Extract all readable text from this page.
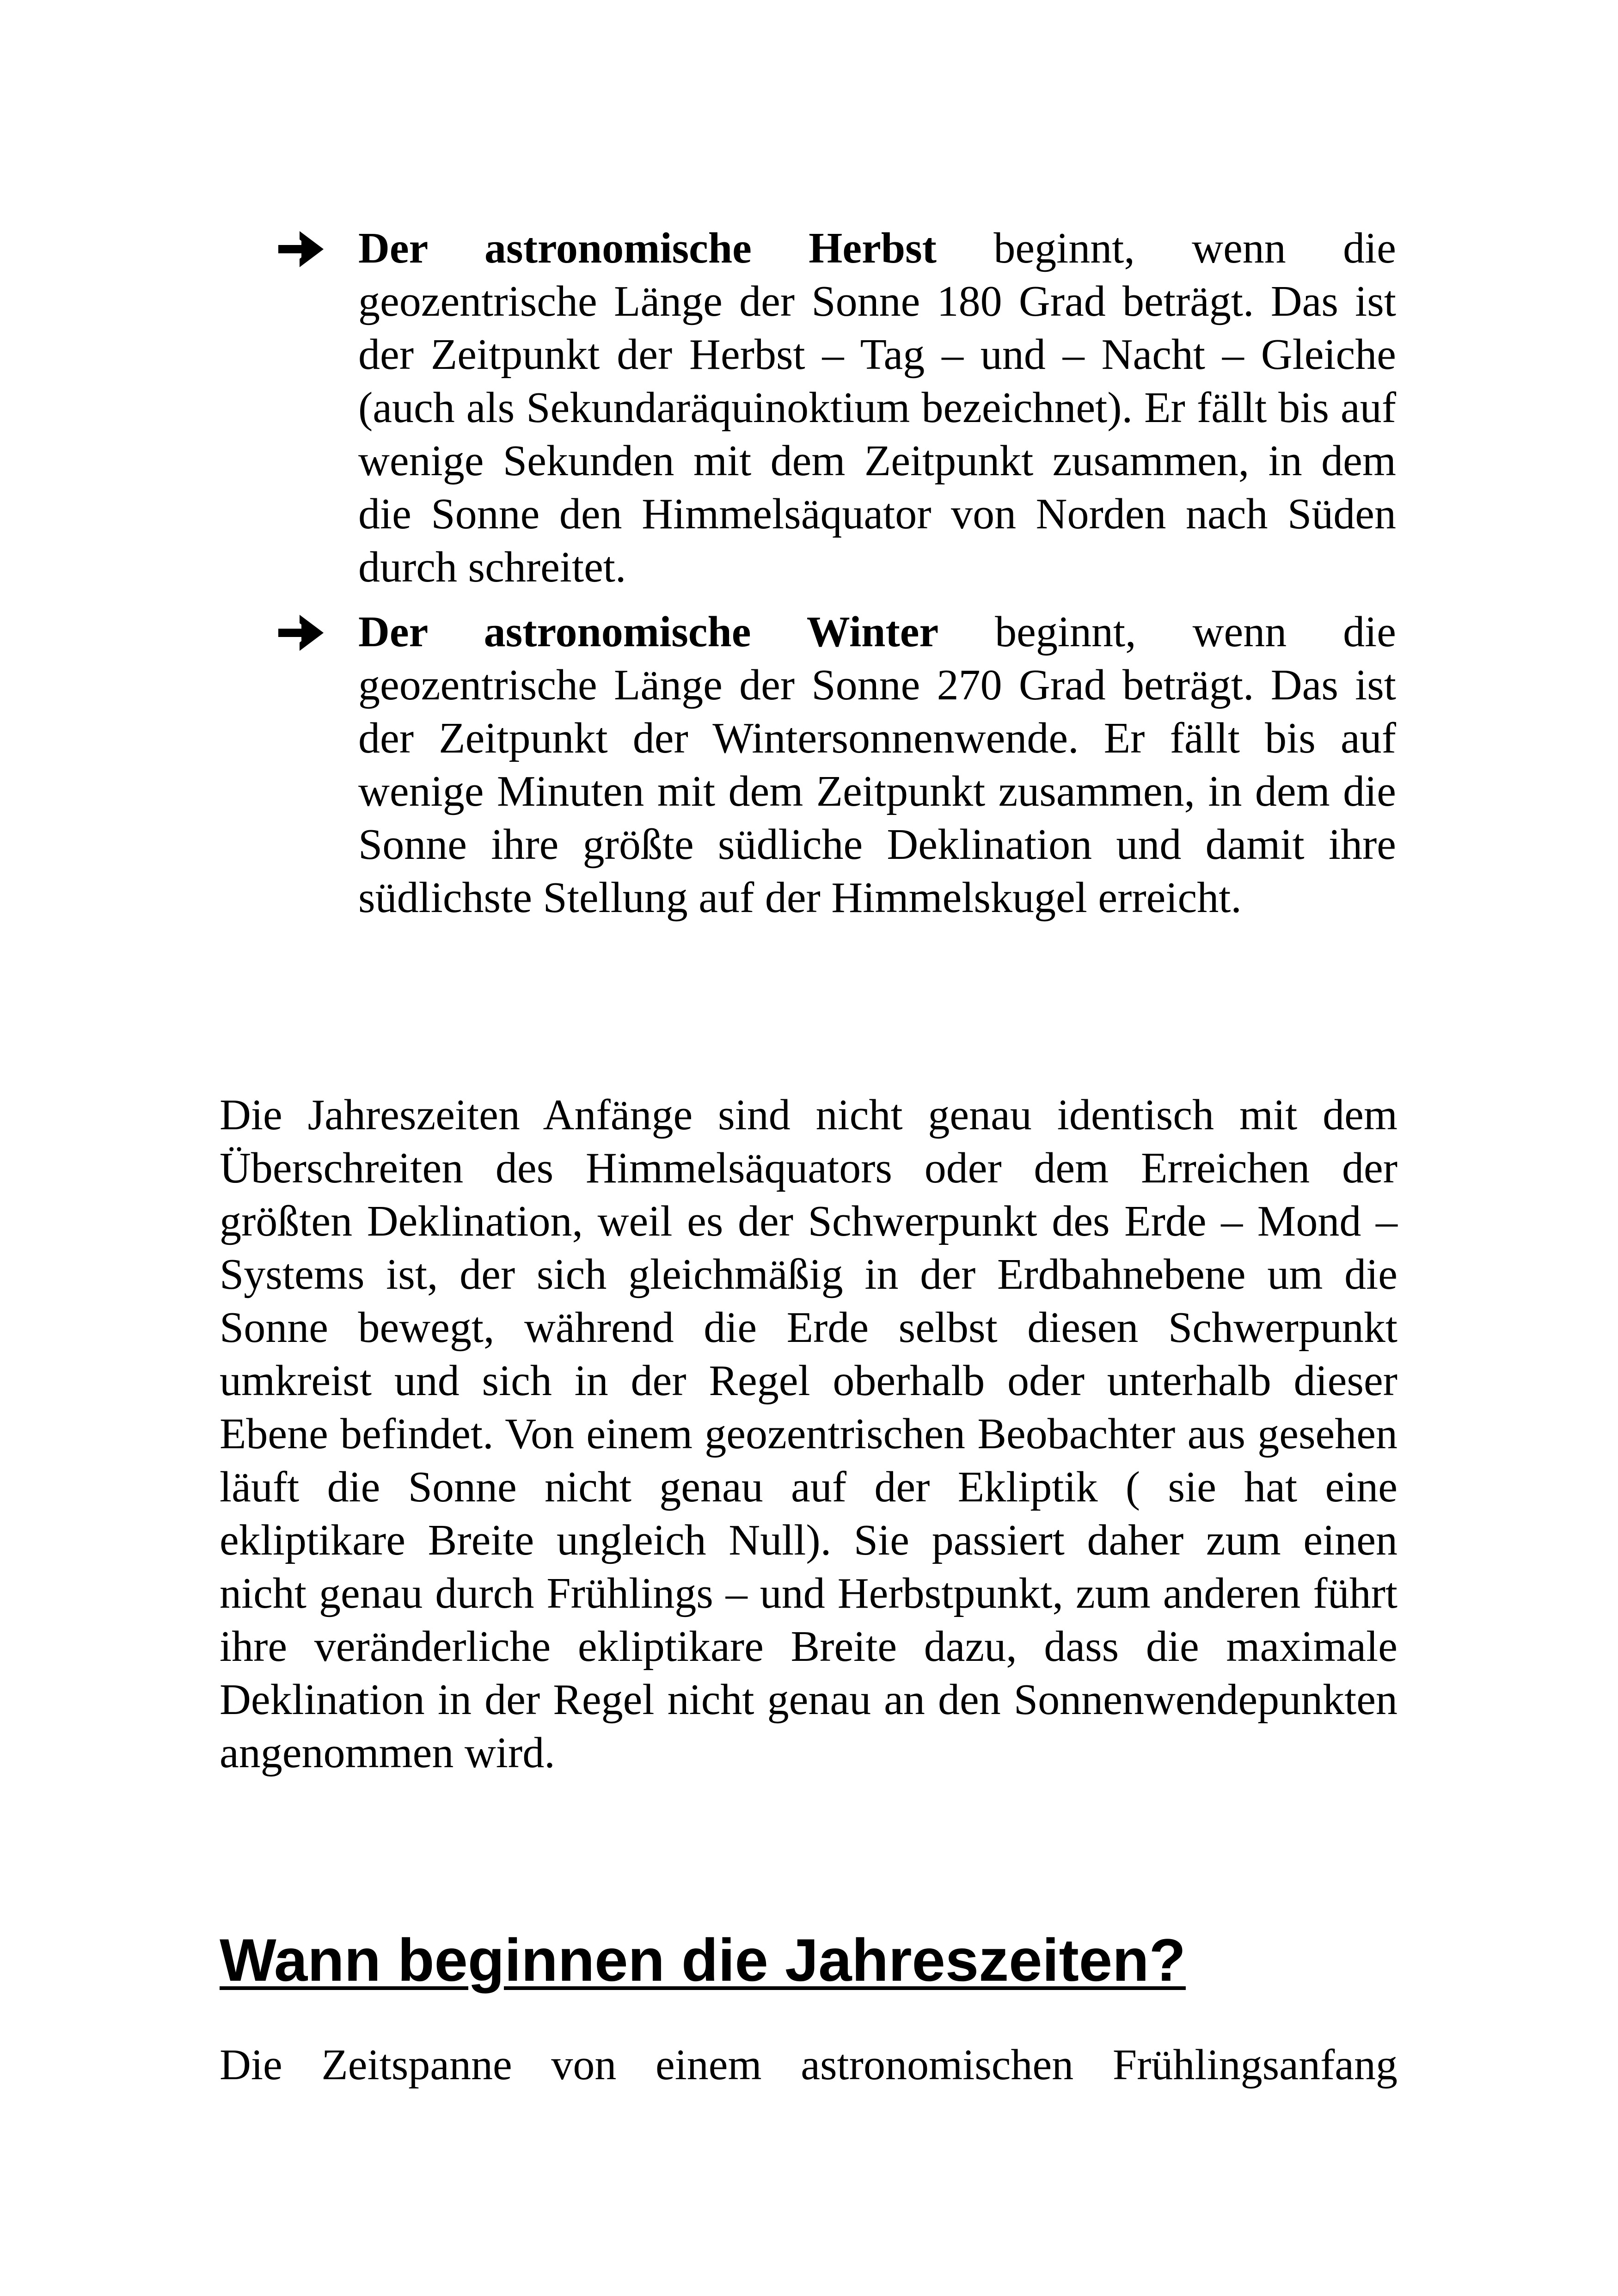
Der astronomische Herbst beginnt, wenn die geozentrische Länge der Sonne 180 Grad beträgt. Das ist der Zeitpunkt der Herbst – Tag – und – Nacht – Gleiche (auch als Sekundaräquinoktium bezeichnet). Er fällt bis auf wenige Sekunden mit dem Zeitpunkt zusammen, in dem die Sonne den Himmelsäquator von Norden nach Süden durch schreitet.

Der astronomische Winter beginnt, wenn die geozentrische Länge der Sonne 270 Grad beträgt. Das ist der Zeitpunkt der Wintersonnenwende. Er fällt bis auf wenige Minuten mit dem Zeitpunkt zusammen, in dem die Sonne ihre größte südliche Deklination und damit ihre südlichste Stellung auf der Himmelskugel erreicht.

Die Jahreszeiten Anfänge sind nicht genau identisch mit dem Überschreiten des Himmelsäquators oder dem Erreichen der größten Deklination, weil es der Schwerpunkt des Erde – Mond – Systems ist, der sich gleichmäßig in der Erdbahnebene um die Sonne bewegt, während die Erde selbst diesen Schwerpunkt umkreist und sich in der Regel oberhalb oder unterhalb dieser Ebene befindet. Von einem geozentrischen Beobachter aus gesehen läuft die Sonne nicht genau auf der Ekliptik ( sie hat eine ekliptikare Breite ungleich Null). Sie passiert daher zum einen nicht genau durch Frühlings – und Herbstpunkt, zum anderen führt ihre veränderliche ekliptikare Breite dazu, dass die maximale Deklination in der Regel nicht genau an den Sonnenwendepunkten angenommen wird.

Wann beginnen die Jahreszeiten?

Die Zeitspanne von einem astronomischen Frühlingsanfang
